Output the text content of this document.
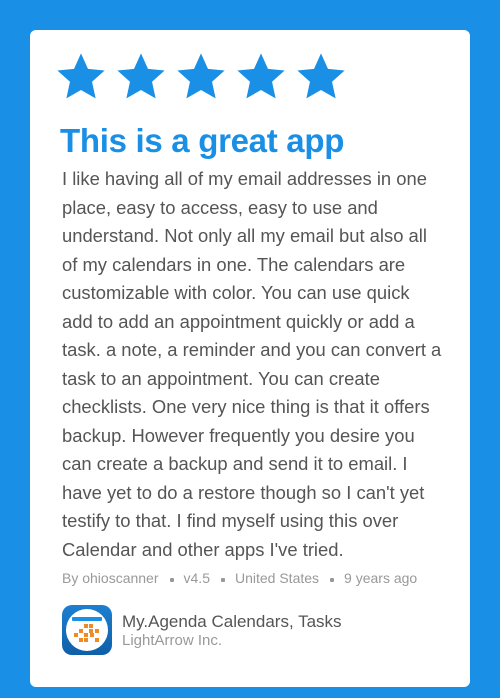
This is a great app

I like having all of my email addresses in one place, easy to access, easy to use and understand. Not only all my email but also all of my calendars in one. The calendars are customizable with color. You can use quick add to add an appointment quickly or add a task. a note, a reminder and you can convert a task to an appointment. You can create checklists. One very nice thing is that it offers backup. However frequently you desire you can create a backup and send it to email. I have yet to do a restore though so I can't yet testify to that. I find myself using this over Calendar and other apps I've tried.

By ohioscanner v4.5 United States 9 years ago
My.Agenda Calendars, Tasks
LightArrow Inc.
